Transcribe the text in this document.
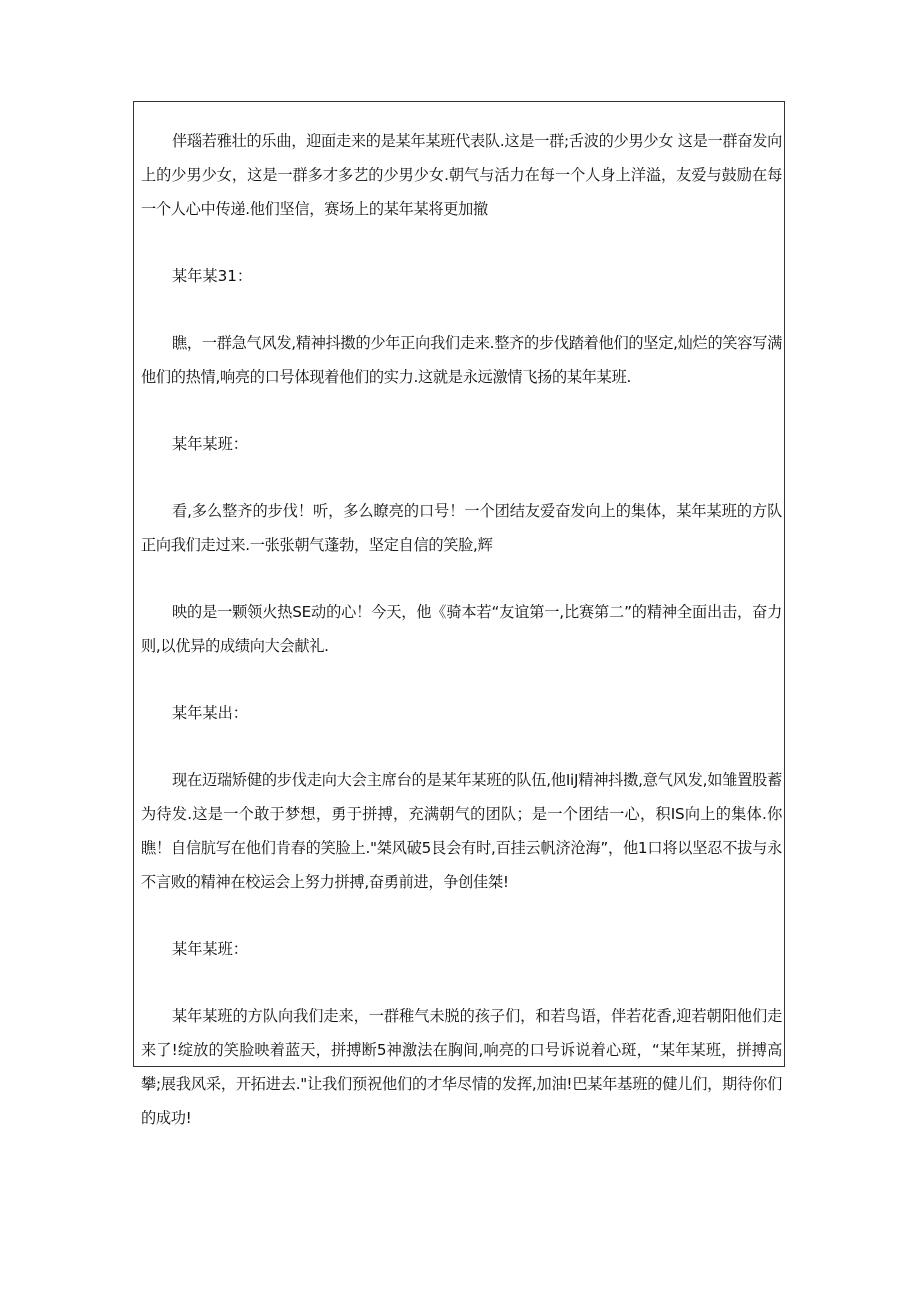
伴瑙若雅壮的乐曲，迎面走来的是某年某班代表队.这是一群;舌波的少男少女 这是一群奋发向上的少男少女，这是一群多才多艺的少男少女.朝气与活力在每一个人身上洋溢，友爱与鼓励在每一个人心中传递.他们坚信，赛场上的某年某将更加撤

某年某31：

瞧，一群急气风发,精神抖擞的少年正向我们走来.整齐的步伐踏着他们的坚定,灿烂的笑容写满他们的热情,响亮的口号体现着他们的实力.这就是永远激情飞扬的某年某班.

某年某班：

看,多么整齐的步伐！听，多么瞭亮的口号！一个团结友爱奋发向上的集体，某年某班的方队正向我们走过来.一张张朝气蓬勃，坚定自信的笑脸,辉

映的是一颗领火热SE动的心！今天，他《骑本若“友谊第一,比赛第二”的精神全面出击，奋力则,以优异的成绩向大会献礼.

某年某出：

现在迈瑞矫健的步伐走向大会主席台的是某年某班的队伍,他IiJ精神抖擞,意气风发,如雏置股蓄为待发.这是一个敢于梦想，勇于拼搏，充满朝气的团队；是一个团结一心，积IS向上的集体.你瞧！自信肮写在他们肯春的笑脸上."桀风破5艮会有时,百挂云帆济沧海”，他1口将以坚忍不拔与永不言败的精神在校运会上努力拼搏,奋勇前进，争创佳桀!

某年某班：

某年某班的方队向我们走来，一群稚气未脱的孩子们，和若鸟语，伴若花香,迎若朝阳他们走来了!绽放的笑脸映着蓝天，拼搏断5神激法在胸间,响亮的口号诉说着心斑，“某年某班，拼搏高攀;展我风采，开拓进去."让我们预祝他们的才华尽情的发挥,加油!巴某年基班的健儿们，期待你们的成功!
